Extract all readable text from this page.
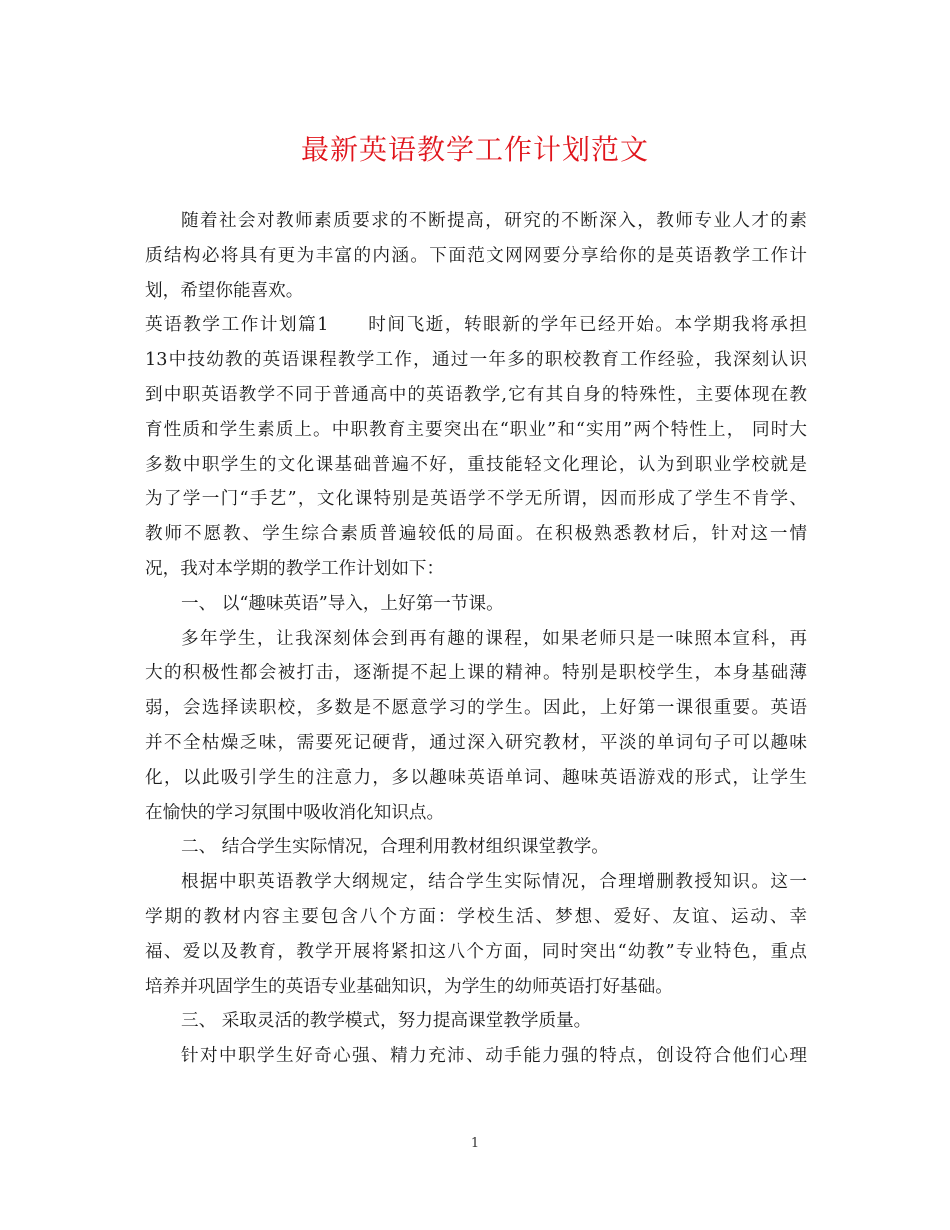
最新英语教学工作计划范文
随着社会对教师素质要求的不断提高，研究的不断深入，教师专业人才的素
质结构必将具有更为丰富的内涵。下面范文网网要分享给你的是英语教学工作计
划，希望你能喜欢。
英语教学工作计划篇1　　时间飞逝，转眼新的学年已经开始。本学期我将承担
13中技幼教的英语课程教学工作，通过一年多的职校教育工作经验，我深刻认识
到中职英语教学不同于普通高中的英语教学,它有其自身的特殊性，主要体现在教
育性质和学生素质上。中职教育主要突出在“职业”和“实用”两个特性上， 同时大
多数中职学生的文化课基础普遍不好，重技能轻文化理论，认为到职业学校就是
为了学一门“手艺”，文化课特别是英语学不学无所谓，因而形成了学生不肯学、
教师不愿教、学生综合素质普遍较低的局面。在积极熟悉教材后，针对这一情
况，我对本学期的教学工作计划如下：
一、 以“趣味英语”导入，上好第一节课。
多年学生，让我深刻体会到再有趣的课程，如果老师只是一味照本宣科，再
大的积极性都会被打击，逐渐提不起上课的精神。特别是职校学生，本身基础薄
弱，会选择读职校，多数是不愿意学习的学生。因此，上好第一课很重要。英语
并不全枯燥乏味，需要死记硬背，通过深入研究教材，平淡的单词句子可以趣味
化，以此吸引学生的注意力，多以趣味英语单词、趣味英语游戏的形式，让学生
在愉快的学习氛围中吸收消化知识点。
二、 结合学生实际情况，合理利用教材组织课堂教学。
根据中职英语教学大纲规定，结合学生实际情况，合理增删教授知识。这一
学期的教材内容主要包含八个方面：学校生活、梦想、爱好、友谊、运动、幸
福、爱以及教育，教学开展将紧扣这八个方面，同时突出“幼教”专业特色，重点
培养并巩固学生的英语专业基础知识，为学生的幼师英语打好基础。
三、 采取灵活的教学模式，努力提高课堂教学质量。
针对中职学生好奇心强、精力充沛、动手能力强的特点，创设符合他们心理
1
